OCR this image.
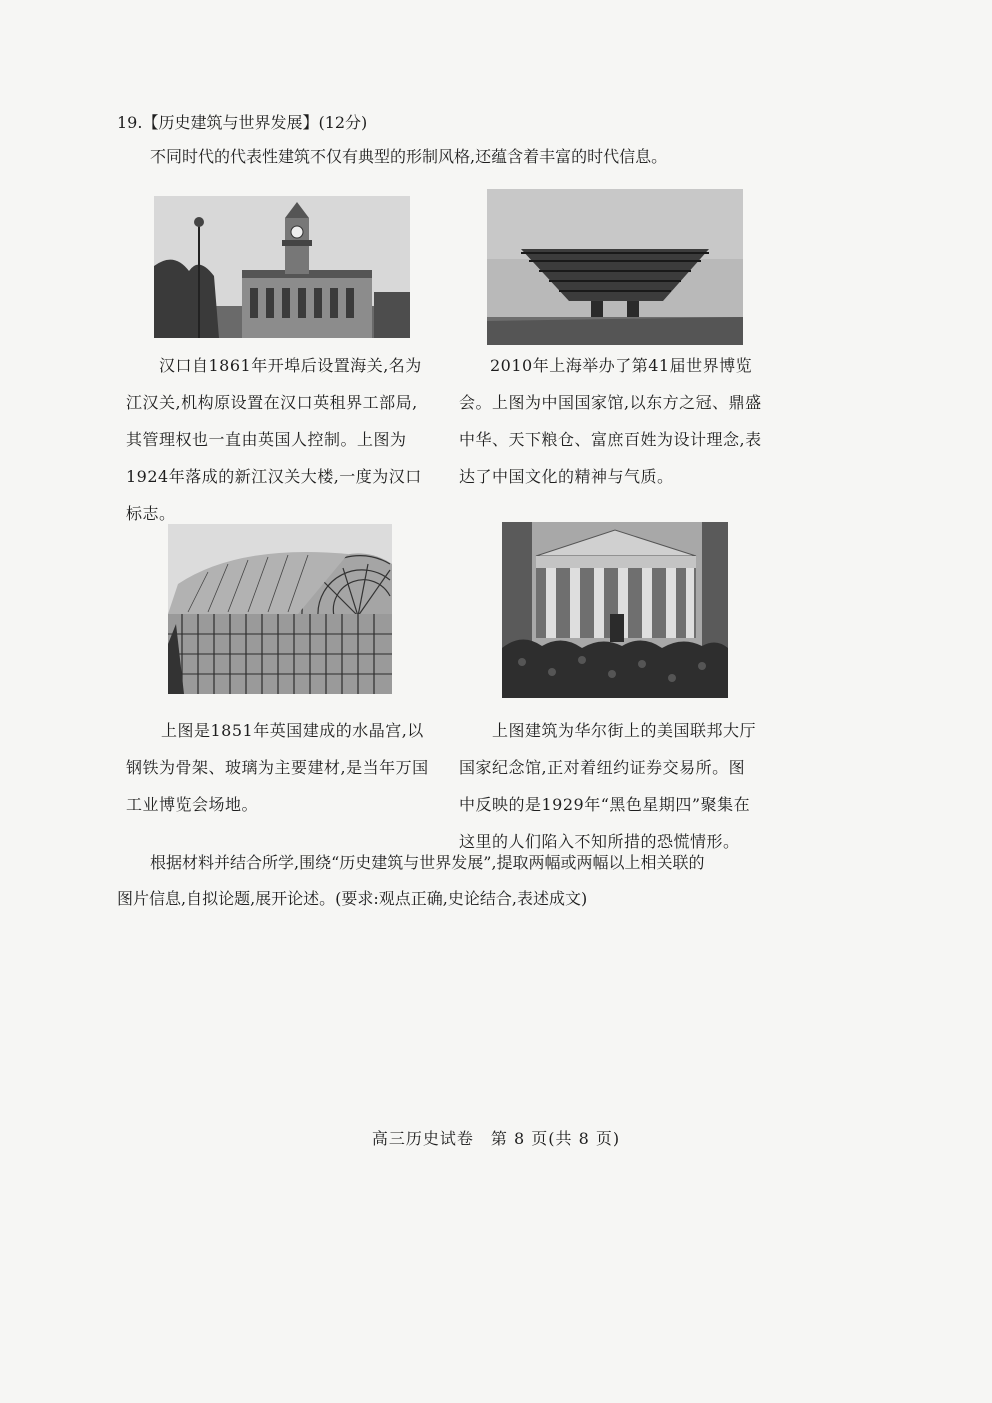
19.【历史建筑与世界发展】(12分)
不同时代的代表性建筑不仅有典型的形制风格,还蕴含着丰富的时代信息。
汉口自1861年开埠后设置海关,名为
江汉关,机构原设置在汉口英租界工部局,
其管理权也一直由英国人控制。上图为
1924年落成的新江汉关大楼,一度为汉口
标志。
2010年上海举办了第41届世界博览
会。上图为中国国家馆,以东方之冠、鼎盛
中华、天下粮仓、富庶百姓为设计理念,表
达了中国文化的精神与气质。
上图是1851年英国建成的水晶宫,以
钢铁为骨架、玻璃为主要建材,是当年万国
工业博览会场地。
上图建筑为华尔街上的美国联邦大厅
国家纪念馆,正对着纽约证券交易所。图
中反映的是1929年“黑色星期四”聚集在
这里的人们陷入不知所措的恐慌情形。
根据材料并结合所学,围绕“历史建筑与世界发展”,提取两幅或两幅以上相关联的
图片信息,自拟论题,展开论述。(要求:观点正确,史论结合,表述成文)
高三历史试卷　第 8 页(共 8 页)
